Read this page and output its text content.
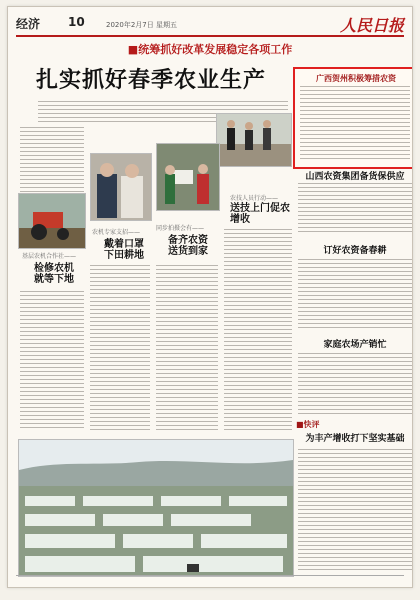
经济 10	2020年2月7日 星期五	人民日报
■统筹抓好改革发展稳定各项工作
扎实抓好春季农业生产	广西贺州积极筹措农资
农技人员行动——
送技上门促农增收
山西农资集团备货保供应
农机专家支招——
戴着口罩下田耕地
同步拍摄会有——
备齐农资送货到家	订好农资备春耕
基层农机合作社——
检修农机就等下地
家庭农场产销忙
■快评
为丰产增收打下坚实基础
